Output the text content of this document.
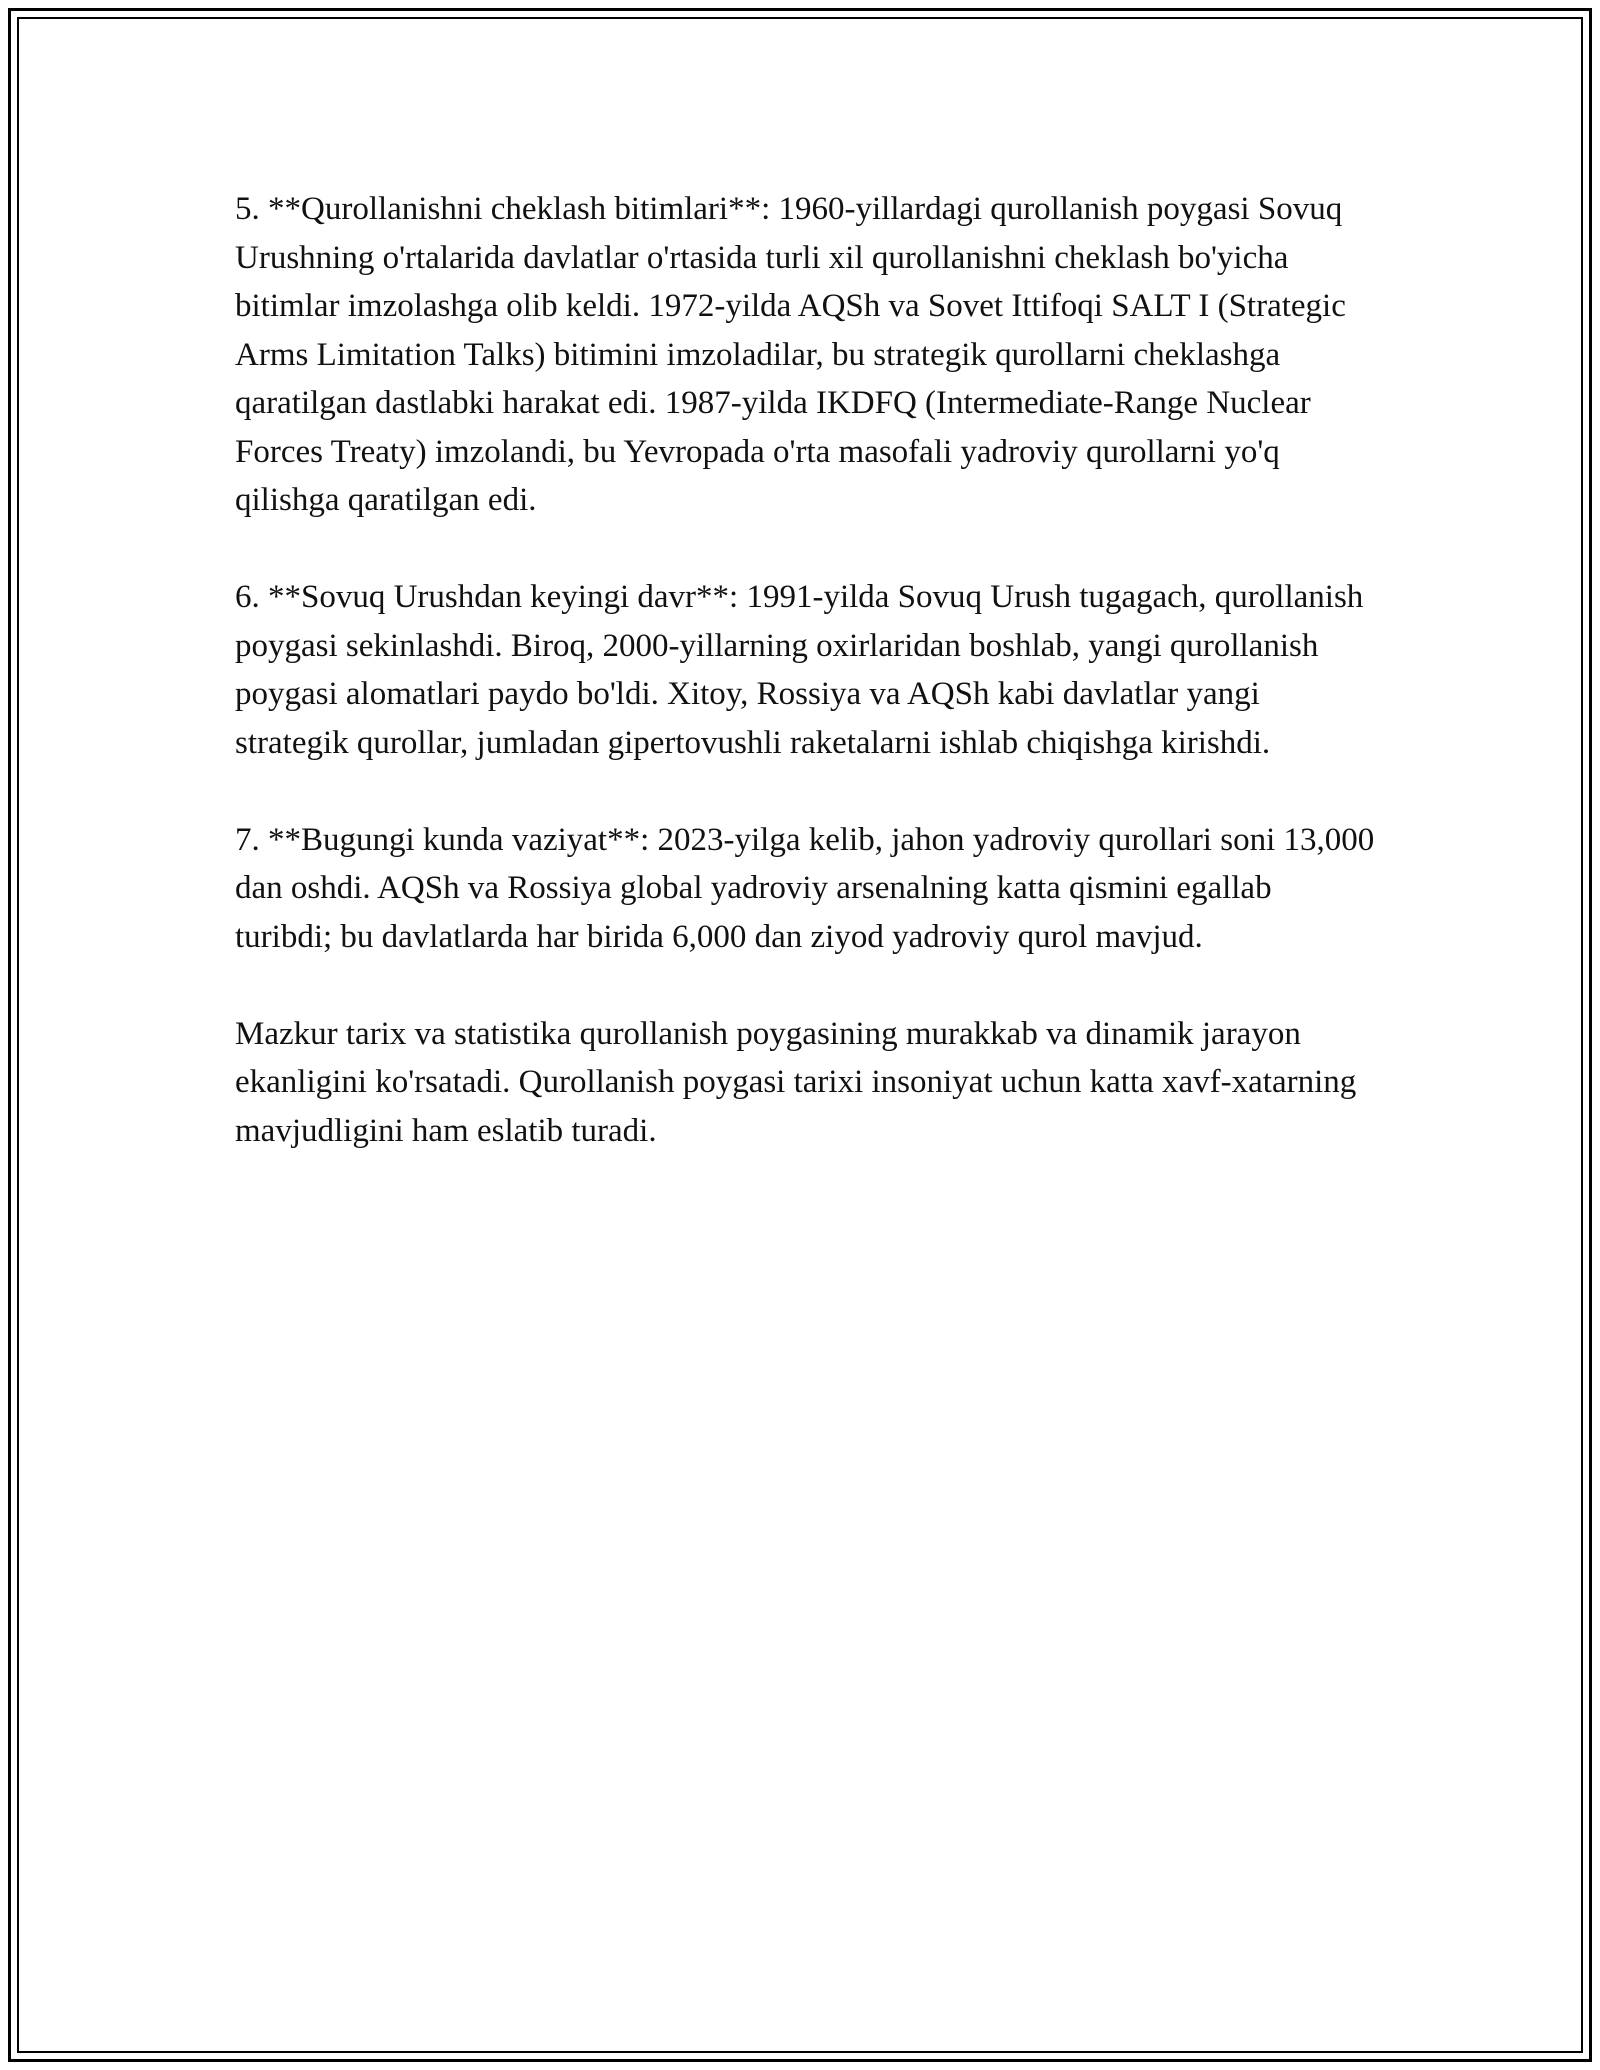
5. **Qurollanishni cheklash bitimlari**: 1960-yillardagi qurollanish poygasi Sovuq Urushning o'rtalarida davlatlar o'rtasida turli xil qurollanishni cheklash bo'yicha bitimlar imzolashga olib keldi. 1972-yilda AQSh va Sovet Ittifoqi SALT I (Strategic Arms Limitation Talks) bitimini imzoladilar, bu strategik qurollarni cheklashga qaratilgan dastlabki harakat edi. 1987-yilda IKDFQ (Intermediate-Range Nuclear Forces Treaty) imzolandi, bu Yevropada o'rta masofali yadroviy qurollarni yo'q qilishga qaratilgan edi.

6. **Sovuq Urushdan keyingi davr**: 1991-yilda Sovuq Urush tugagach, qurollanish poygasi sekinlashdi. Biroq, 2000-yillarning oxirlaridan boshlab, yangi qurollanish poygasi alomatlari paydo bo'ldi. Xitoy, Rossiya va AQSh kabi davlatlar yangi strategik qurollar, jumladan gipertovushli raketalarni ishlab chiqishga kirishdi.

7. **Bugungi kunda vaziyat**: 2023-yilga kelib, jahon yadroviy qurollari soni 13,000 dan oshdi. AQSh va Rossiya global yadroviy arsenalning katta qismini egallab turibdi; bu davlatlarda har birida 6,000 dan ziyod yadroviy qurol mavjud.

Mazkur tarix va statistika qurollanish poygasining murakkab va dinamik jarayon ekanligini ko'rsatadi. Qurollanish poygasi tarixi insoniyat uchun katta xavf-xatarning mavjudligini ham eslatib turadi.
